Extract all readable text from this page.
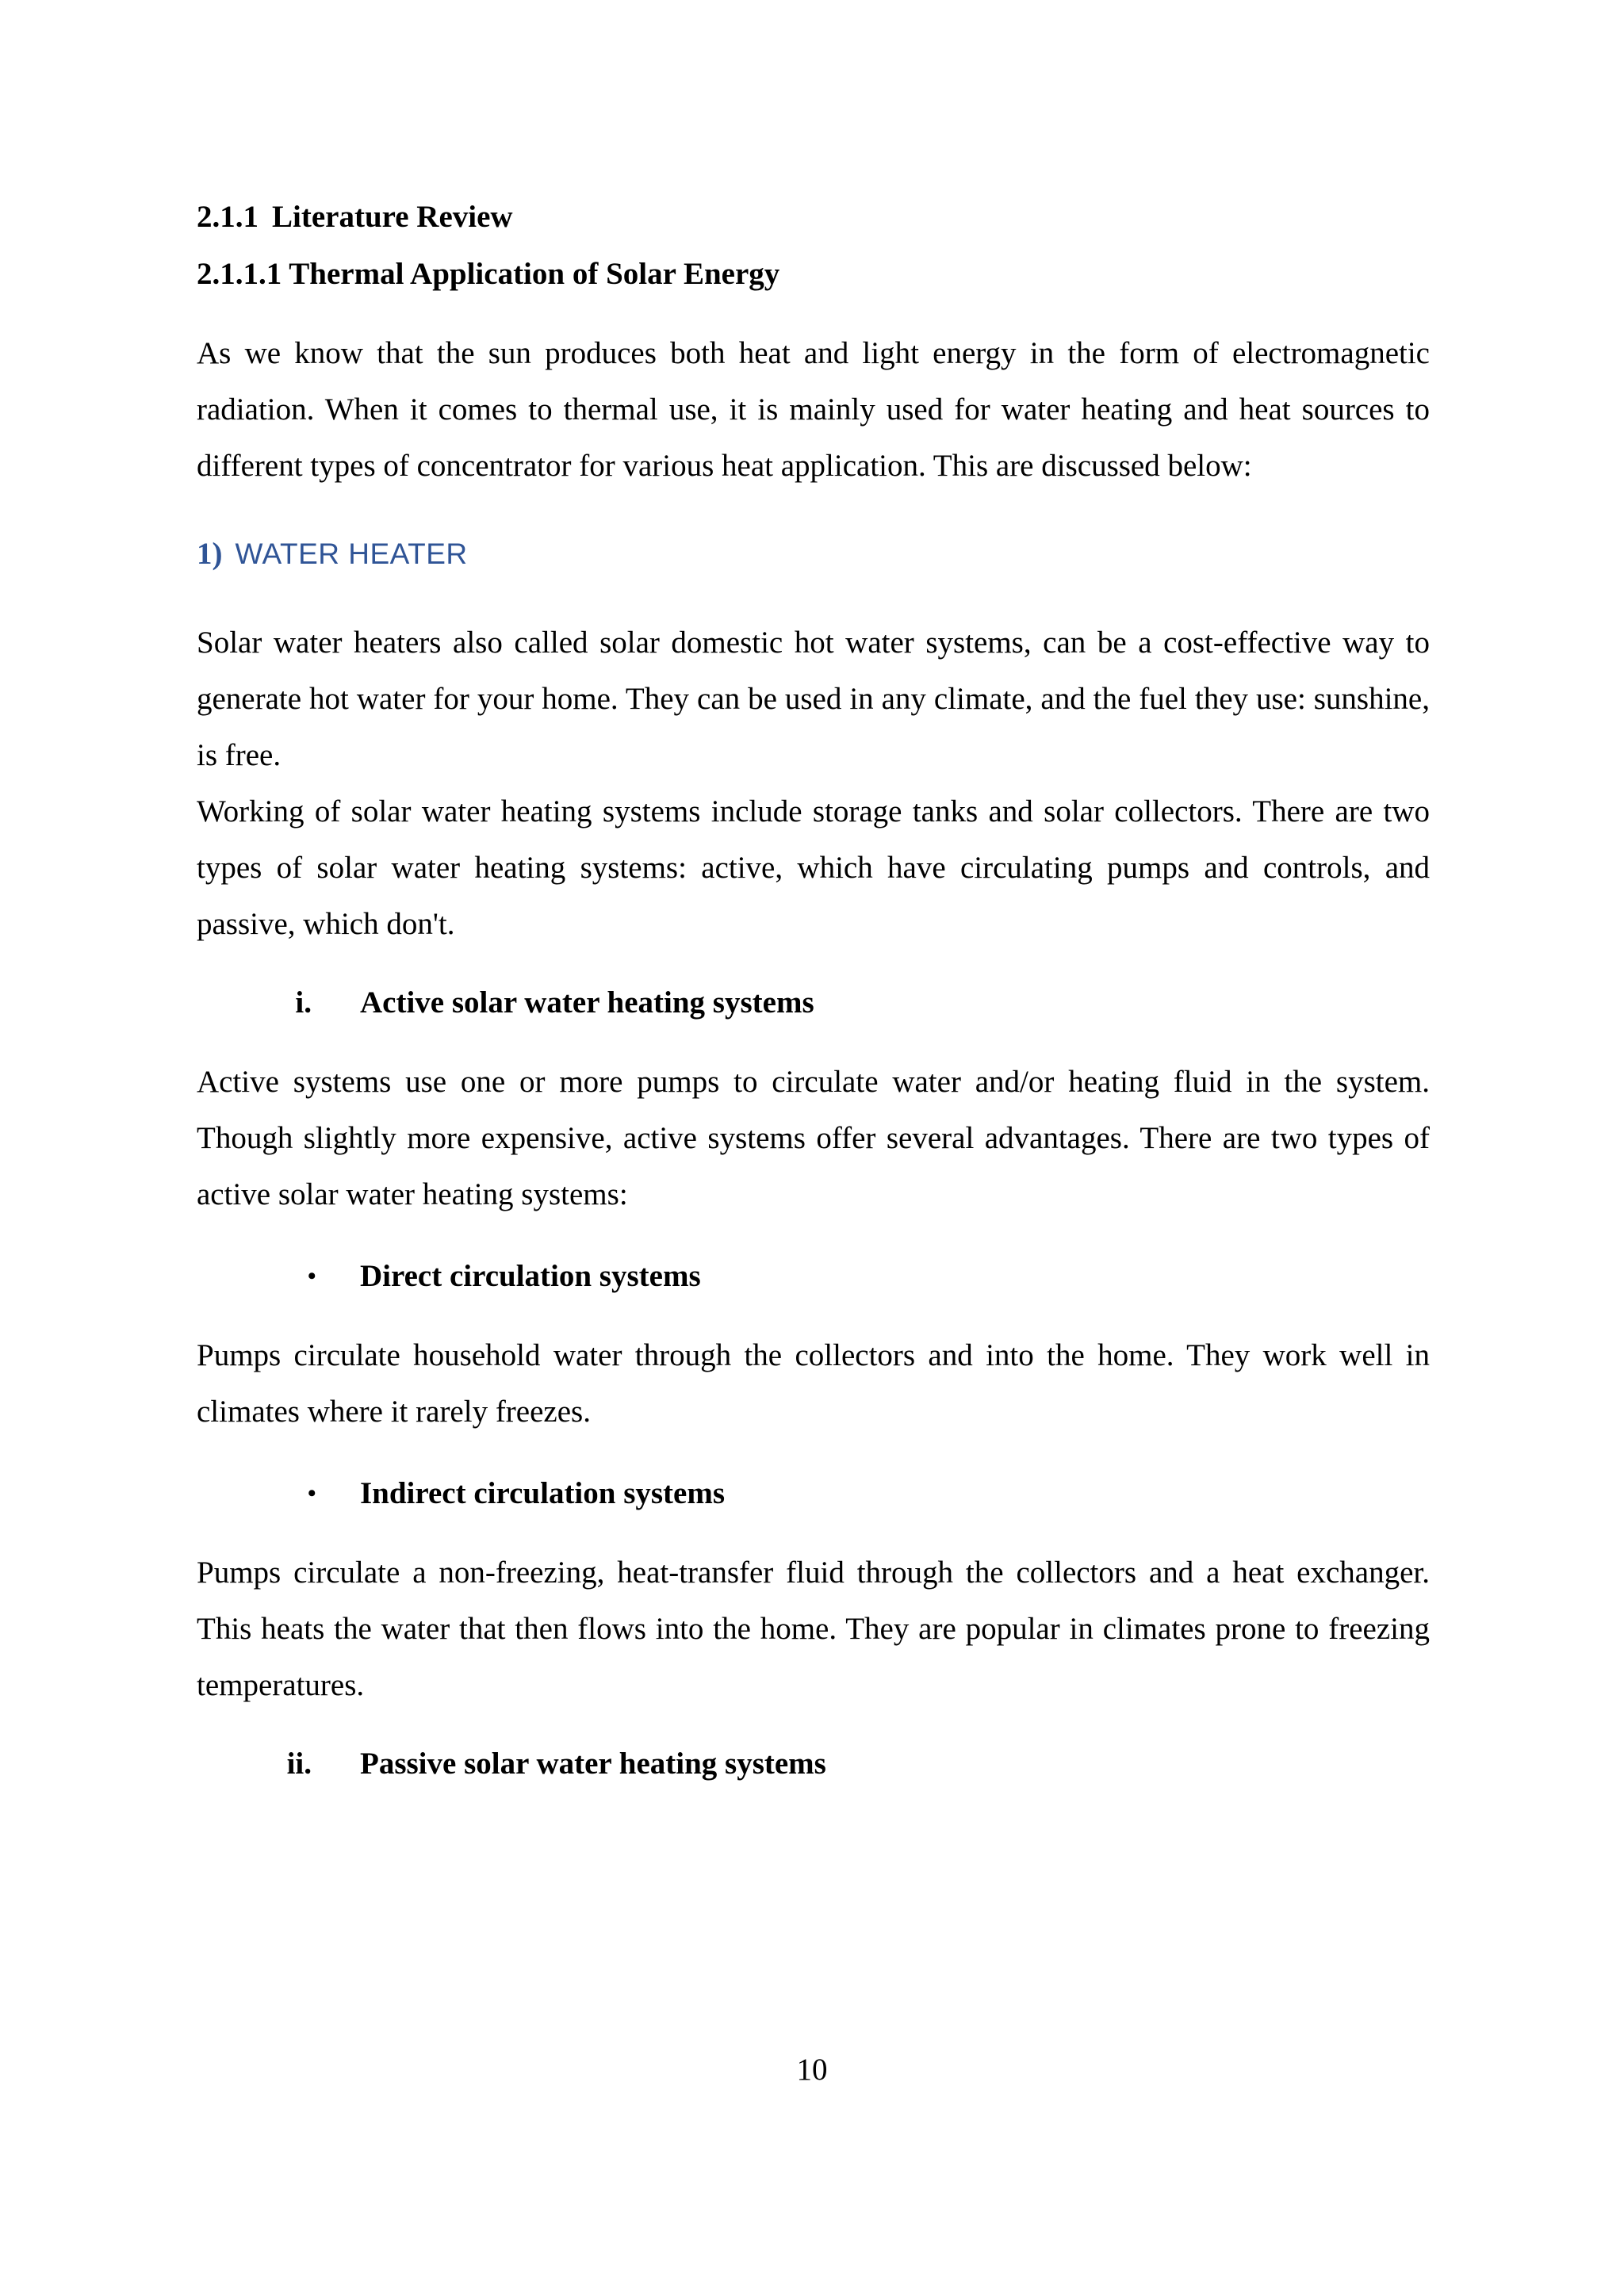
2.1.1 Literature Review

2.1.1.1 Thermal Application of Solar Energy

As we know that the sun produces both heat and light energy in the form of electromagnetic radiation. When it comes to thermal use, it is mainly used for water heating and heat sources to different types of concentrator for various heat application. This are discussed below:

1) WATER HEATER

Solar water heaters also called solar domestic hot water systems, can be a cost-effective way to generate hot water for your home. They can be used in any climate, and the fuel they use: sunshine, is free.

Working of solar water heating systems include storage tanks and solar collectors. There are two types of solar water heating systems: active, which have circulating pumps and controls, and passive, which don't.

i. Active solar water heating systems

Active systems use one or more pumps to circulate water and/or heating fluid in the system. Though slightly more expensive, active systems offer several advantages. There are two types of active solar water heating systems:

• Direct circulation systems

Pumps circulate household water through the collectors and into the home. They work well in climates where it rarely freezes.

• Indirect circulation systems

Pumps circulate a non-freezing, heat-transfer fluid through the collectors and a heat exchanger. This heats the water that then flows into the home. They are popular in climates prone to freezing temperatures.

ii. Passive solar water heating systems

10
